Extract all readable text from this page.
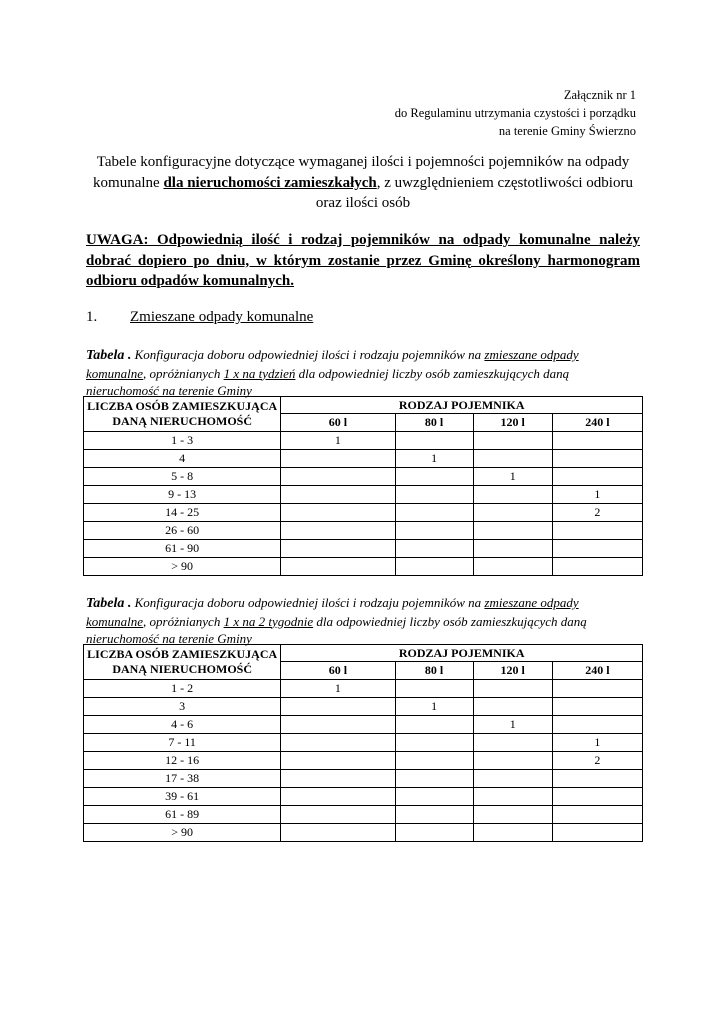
Załącznik nr 1
do Regulaminu utrzymania czystości i porządku
na terenie Gminy Świerzno
Tabele konfiguracyjne dotyczące wymaganej ilości i pojemności pojemników na odpady komunalne dla nieruchomości zamieszkałych, z uwzględnieniem częstotliwości odbioru oraz ilości osób
UWAGA: Odpowiednią ilość i rodzaj pojemników na odpady komunalne należy dobrać dopiero po dniu, w którym zostanie przez Gminę określony harmonogram odbioru odpadów komunalnych.
1. Zmieszane odpady komunalne
Tabela . Konfiguracja doboru odpowiedniej ilości i rodzaju pojemników na zmieszane odpady komunalne, opróżnianych 1 x na tydzień dla odpowiedniej liczby osób zamieszkujących daną nieruchomość na terenie Gminy
LICZBA OSÓB ZAMIESZKUJĄCA DANĄ NIERUCHOMOŚĆ	RODZAJ POJEMNIKA			
	60 l	80 l	120 l	240 l
1 - 3	1			
4		1		
5 - 8			1	
9 - 13				1
14 - 25				2
26 - 60				
61 - 90				
> 90				
Tabela . Konfiguracja doboru odpowiedniej ilości i rodzaju pojemników na zmieszane odpady komunalne, opróżnianych 1 x na 2 tygodnie dla odpowiedniej liczby osób zamieszkujących daną nieruchomość na terenie Gminy
LICZBA OSÓB ZAMIESZKUJĄCA DANĄ NIERUCHOMOŚĆ	RODZAJ POJEMNIKA			
	60 l	80 l	120 l	240 l
1 - 2	1			
3		1		
4 - 6			1	
7 - 11				1
12 - 16				2
17 - 38				
39 - 61				
61 - 89				
> 90				
